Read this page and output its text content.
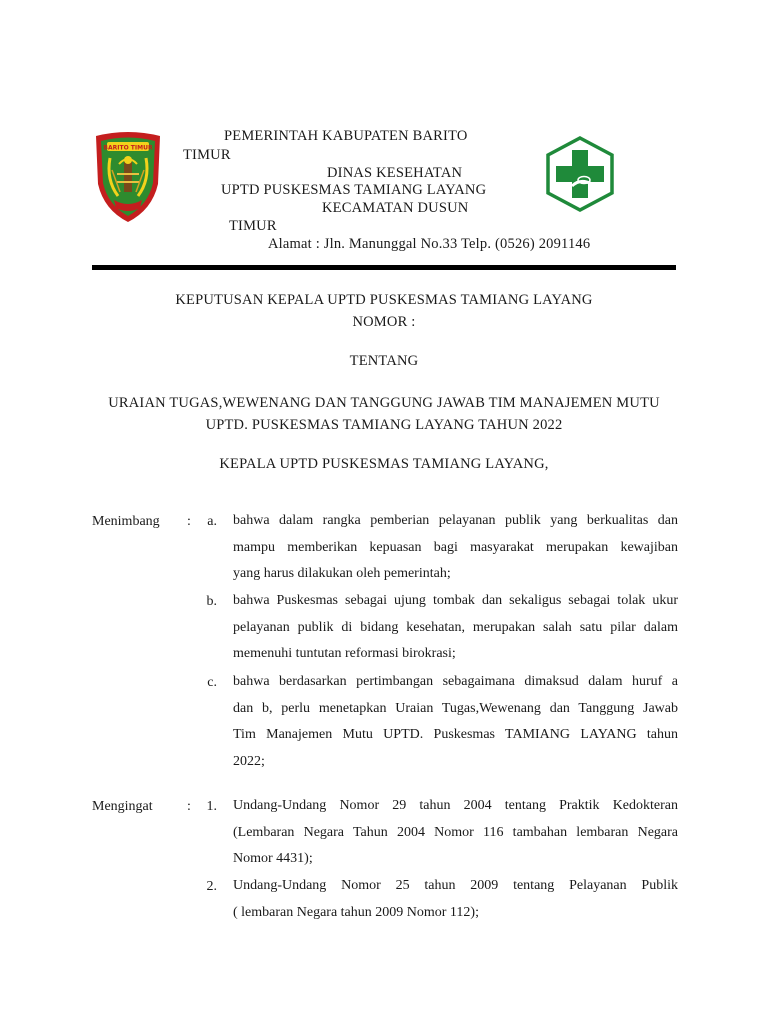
BARITO TIMUR
PEMERINTAH KABUPATEN BARITO
TIMUR
DINAS KESEHATAN
UPTD PUSKESMAS TAMIANG LAYANG
KECAMATAN DUSUN
TIMUR
Alamat : Jln. Manunggal No.33 Telp. (0526) 2091146
KEPUTUSAN KEPALA UPTD PUSKESMAS TAMIANG LAYANG
NOMOR :
TENTANG
URAIAN TUGAS,WEWENANG DAN TANGGUNG JAWAB TIM MANAJEMEN MUTU
UPTD. PUSKESMAS TAMIANG LAYANG TAHUN 2022
KEPALA UPTD PUSKESMAS TAMIANG LAYANG,
Menimbang :	a. bahwa dalam rangka pemberian pelayanan publik yang berkualitas dan
mampu memberikan kepuasan bagi masyarakat merupakan kewajiban
yang harus dilakukan oleh pemerintah;
b. bahwa Puskesmas sebagai ujung tombak dan sekaligus sebagai tolak ukur
pelayanan publik di bidang kesehatan, merupakan salah satu pilar dalam
memenuhi tuntutan reformasi birokrasi;
c. bahwa berdasarkan pertimbangan sebagaimana dimaksud dalam huruf a
dan b, perlu menetapkan Uraian Tugas,Wewenang dan Tanggung Jawab
Tim Manajemen Mutu UPTD. Puskesmas TAMIANG LAYANG tahun
2022;
Mengingat :	1. Undang-Undang Nomor 29 tahun 2004 tentang Praktik Kedokteran
(Lembaran Negara Tahun 2004 Nomor 116 tambahan lembaran Negara
Nomor 4431);
2. Undang-Undang Nomor 25 tahun 2009 tentang Pelayanan Publik
( lembaran Negara tahun 2009 Nomor 112);
